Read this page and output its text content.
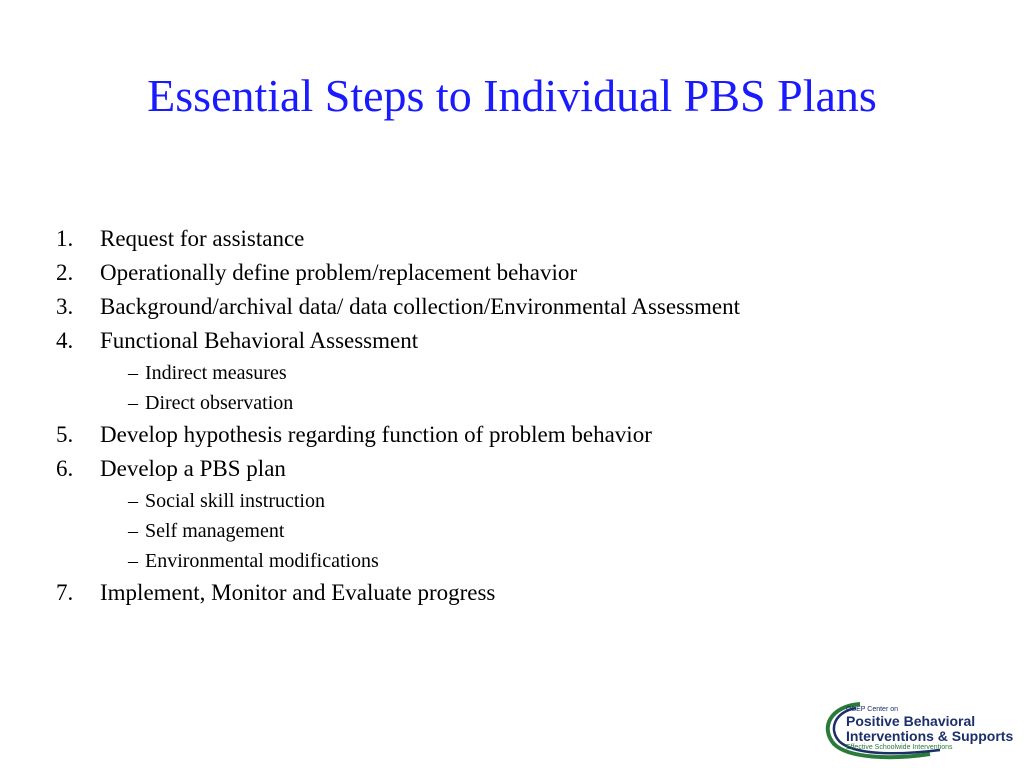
Essential Steps to Individual PBS Plans
1.	Request for assistance
2.	Operationally define problem/replacement behavior
3.	Background/archival data/ data collection/Environmental Assessment
4.	Functional Behavioral Assessment
– Indirect measures
– Direct observation
5.	Develop hypothesis regarding function of problem behavior
6.	Develop a PBS plan
– Social skill instruction
– Self management
– Environmental modifications
7.	Implement, Monitor and Evaluate progress
OSEP Center on
Positive Behavioral
Interventions & Supports
Effective Schoolwide Interventions
